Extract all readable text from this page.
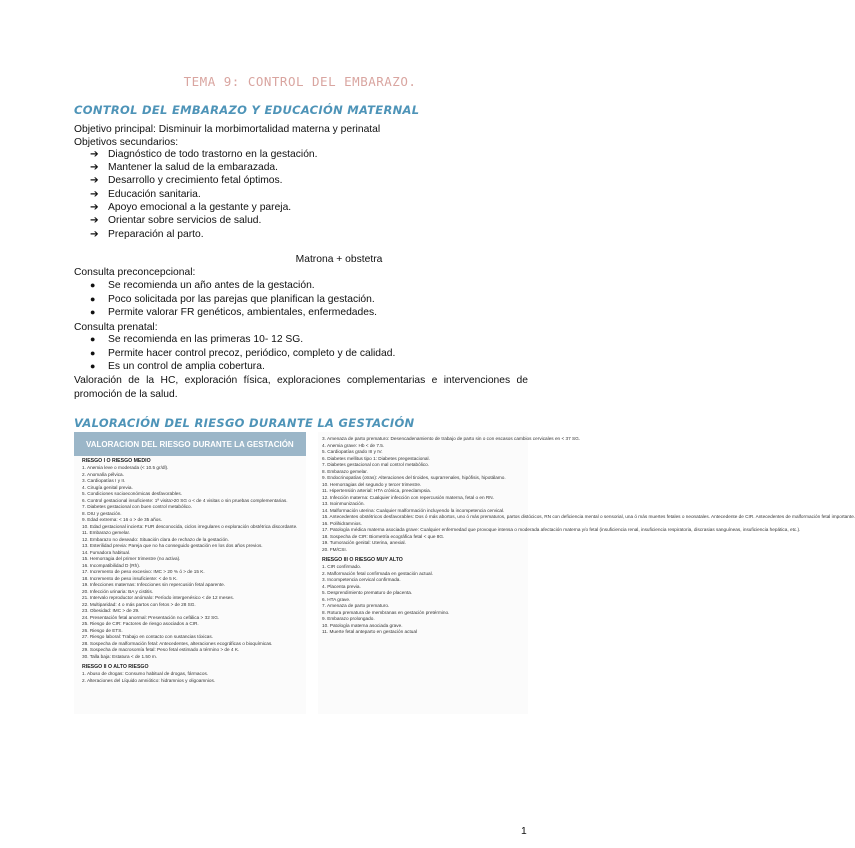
TEMA 9: CONTROL DEL EMBARAZO.
CONTROL DEL EMBARAZO Y EDUCACIÓN MATERNAL
Objetivo principal: Disminuir la morbimortalidad materna y perinatal
Objetivos secundarios:
➔ Diagnóstico de todo trastorno en la gestación.
➔ Mantener la salud de la embarazada.
➔ Desarrollo y crecimiento fetal óptimos.
➔ Educación sanitaria.
➔ Apoyo emocional a la gestante y pareja.
➔ Orientar sobre servicios de salud.
➔ Preparación al parto.
Matrona + obstetra
Consulta preconcepcional:
● Se recomienda un año antes de la gestación.
● Poco solicitada por las parejas que planifican la gestación.
● Permite valorar FR genéticos, ambientales, enfermedades.
Consulta prenatal:
● Se recomienda en las primeras 10- 12 SG.
● Permite hacer control precoz, periódico, completo y de calidad.
● Es un control de amplia cobertura.
Valoración de la HC, exploración física, exploraciones complementarias e intervenciones de promoción de la salud.
VALORACIÓN DEL RIESGO DURANTE LA GESTACIÓN
VALORACION DEL RIESGO DURANTE LA GESTACIÓN
RIESGO I O RIESGO MEDIO
1. Anemia leve o moderada (< 10.5 gr/dl).
2. Anomalía pélvica.
3. Cardiopatías I y II.
4. Cirugía genital previa.
5. Condiciones socioeconómicas desfavorables.
6. Control gestacional insuficiente: 1ª visita>20 SG o < de 4 visitas o sin pruebas complementarias.
7. Diabetes gestacional con buen control metabólico.
8. DIU y gestación.
9. Edad extrema: < 16 o > de 35 años.
10. Edad gestacional incierta: FUR desconocida, ciclos irregulares o exploración obstétrica discordante.
11. Embarazo gemelar.
12. Embarazo no deseado: Situación clara de rechazo de la gestación.
13. Esterilidad previa: Pareja que no ha conseguido gestación en los dos años previos.
14. Fumadora habitual.
15. Hemorragia del primer trimestre (no activa).
16. Incompatibilidad D (Rh).
17. Incremento de peso excesivo: IMC > 20 % ó > de 15 K.
18. Incremento de peso insuficiente: < de 5 K.
19. Infecciones maternas: Infecciones sin repercusión fetal aparente.
20. Infección urinaria: BA y cistitis.
21. Intervalo reproductor anómalo: Período intergenésico < de 12 meses.
22. Multiparidad: 4 o más partos con fetos > de 28 SG.
23. Obesidad: IMC > de 29.
24. Presentación fetal anormal: Presentación no cefálica > 32 SG.
25. Riesgo de CIR: Factores de riesgo asociados a CIR.
26. Riesgo de ETS.
27. Riesgo laboral: Trabajo en contacto con sustancias tóxicas.
28. Sospecha de malformación fetal: Antecedentes, alteraciones ecográficas o bioquímicas.
29. Sospecha de macrosomía fetal: Peso fetal estimado a término > de 4 K.
30. Talla baja: Estatura < de 1.50 m.
RIESGO II O ALTO RIESGO
1. Abuso de drogas: Consumo habitual de drogas, fármacos.
2. Alteraciones del Líquido amniótico: hidramnios y oligoamnios.
3. Amenaza de parto prematuro: Desencadenamiento de trabajo de parto sin o con escasos cambios cervicales en < 37 SG.
4. Anemia grave: Hb < de 7.5.
5. Cardiopatías grado III y IV.
6. Diabetes mellitus tipo 1: Diabetes pregestacional.
7. Diabetes gestacional con mal control metabólico.
8. Embarazo gemelar.
9. Endocrinopatías (otras): Alteraciones del tiroides, suprarrenales, hipófisis, hipotálamo.
10. Hemorragias del segundo y tercer trimestre.
11. Hipertensión arterial: HTA crónica, preeclampsia.
12. Infección materna: Cualquier infección con repercusión materna, fetal o en RN.
13. Isoinmunización.
14. Malformación uterina: Cualquier malformación incluyendo la incompetencia cervical.
15. Antecedentes obstétricos desfavorables: Dos ó más abortos, uno ó más prematuros, partos distócicos, RN con deficiencia mental o sensorial, una ó más muertes fetales o neonatales. Antecedente de CIR. Antecedentes de malformación fetal importante.
16. Polihidramnios.
17. Patología médica materna asociada grave: Cualquier enfermedad que provoque intensa o moderada afectación materna y/o fetal (insuficiencia renal, insuficiencia respiratoria, discrasias sanguíneas, insuficiencia hepática, etc.).
18. Sospecha de CIR: Biometría ecográfica fetal < que 8G.
19. Tumoración genital: Uterina, anexial.
20. FM/CSI.
RIESGO III O RIESGO MUY ALTO
1. CIR confirmado.
2. Malformación fetal confirmada en gestación actual.
3. Incompetencia cervical confirmada.
4. Placenta previa.
5. Desprendimiento prematuro de placenta.
6. HTA grave.
7. Amenaza de parto prematuro.
8. Rotura prematura de membranas en gestación pretérmino.
9. Embarazo prolongado.
10. Patología materna asociada grave.
11. Muerte fetal anteparto en gestación actual
1
